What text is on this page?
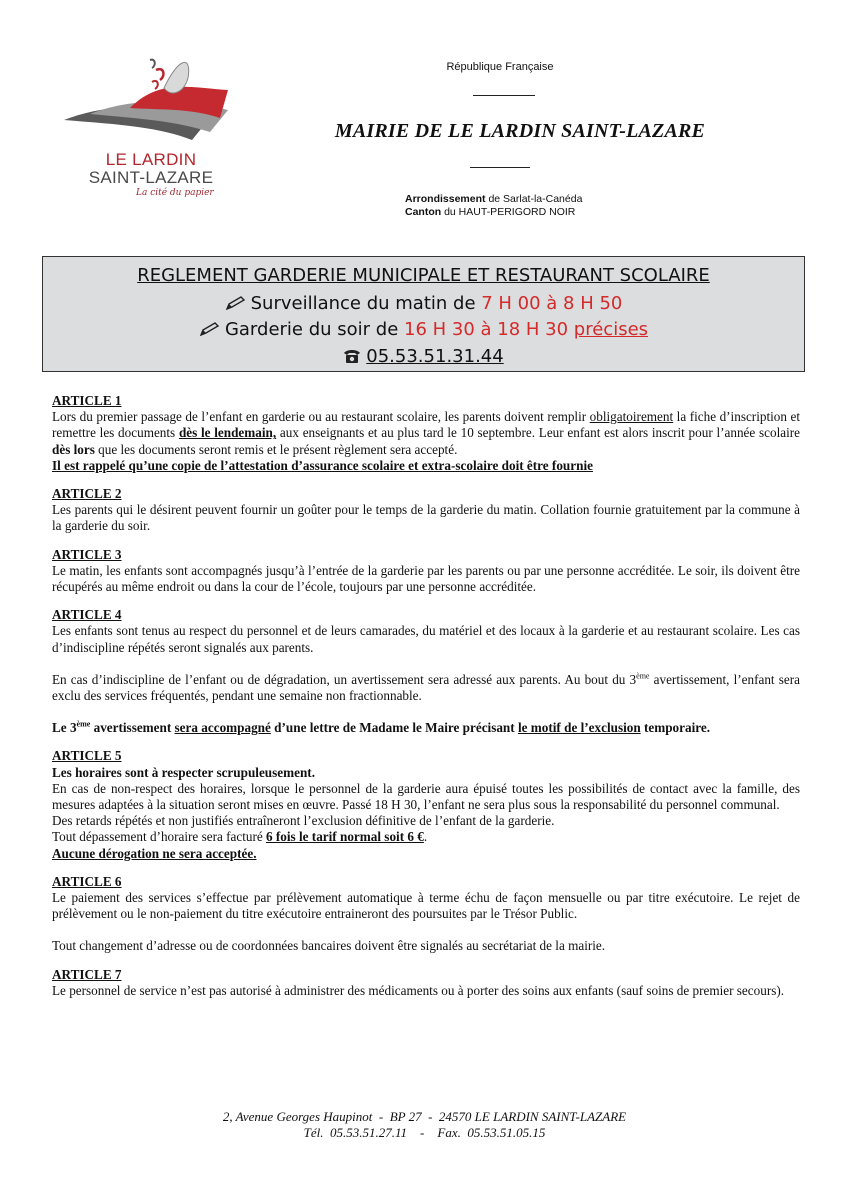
LE LARDIN
SAINT-LAZARE
La cité du papier
République Française
MAIRIE DE LE LARDIN SAINT-LAZARE
Arrondissement de Sarlat-la-Canéda
Canton du HAUT-PERIGORD NOIR
REGLEMENT GARDERIE MUNICIPALE ET RESTAURANT SCOLAIRE
Surveillance du matin de 7 H 00 à 8 H 50
Garderie du soir de 16 H 30 à 18 H 30 précises
05.53.51.31.44
ARTICLE 1
Lors du premier passage de l’enfant en garderie ou au restaurant scolaire, les parents doivent remplir obligatoirement la fiche d’inscription et remettre les documents dès le lendemain, aux enseignants et au plus tard le 10 septembre. Leur enfant est alors inscrit pour l’année scolaire dès lors que les documents seront remis et le présent règlement sera accepté.
Il est rappelé qu’une copie de l’attestation d’assurance scolaire et extra-scolaire doit être fournie
ARTICLE 2
Les parents qui le désirent peuvent fournir un goûter pour le temps de la garderie du matin. Collation fournie gratuitement par la commune à la garderie du soir.
ARTICLE 3
Le matin, les enfants sont accompagnés jusqu’à l’entrée de la garderie par les parents ou par une personne accréditée. Le soir, ils doivent être récupérés au même endroit ou dans la cour de l’école, toujours par une personne accréditée.
ARTICLE 4
Les enfants sont tenus au respect du personnel et de leurs camarades, du matériel et des locaux à la garderie et au restaurant scolaire. Les cas d’indiscipline répétés seront signalés aux parents.
En cas d’indiscipline de l’enfant ou de dégradation, un avertissement sera adressé aux parents. Au bout du 3ème avertissement, l’enfant sera exclu des services fréquentés, pendant une semaine non fractionnable.
Le 3ème avertissement sera accompagné d’une lettre de Madame le Maire précisant le motif de l’exclusion temporaire.
ARTICLE 5
Les horaires sont à respecter scrupuleusement.
En cas de non-respect des horaires, lorsque le personnel de la garderie aura épuisé toutes les possibilités de contact avec la famille, des mesures adaptées à la situation seront mises en œuvre. Passé 18 H 30, l’enfant ne sera plus sous la responsabilité du personnel communal.
Des retards répétés et non justifiés entraîneront l’exclusion définitive de l’enfant de la garderie.
Tout dépassement d’horaire sera facturé 6 fois le tarif normal soit 6 €.
Aucune dérogation ne sera acceptée.
ARTICLE 6
Le paiement des services s’effectue par prélèvement automatique à terme échu de façon mensuelle ou par titre exécutoire. Le rejet de prélèvement ou le non-paiement du titre exécutoire entraineront des poursuites par le Trésor Public.
Tout changement d’adresse ou de coordonnées bancaires doivent être signalés au secrétariat de la mairie.
ARTICLE 7
Le personnel de service n’est pas autorisé à administrer des médicaments ou à porter des soins aux enfants (sauf soins de premier secours).
2, Avenue Georges Haupinot  -  BP 27  -  24570 LE LARDIN SAINT-LAZARE
Tél.  05.53.51.27.11    -    Fax.  05.53.51.05.15
